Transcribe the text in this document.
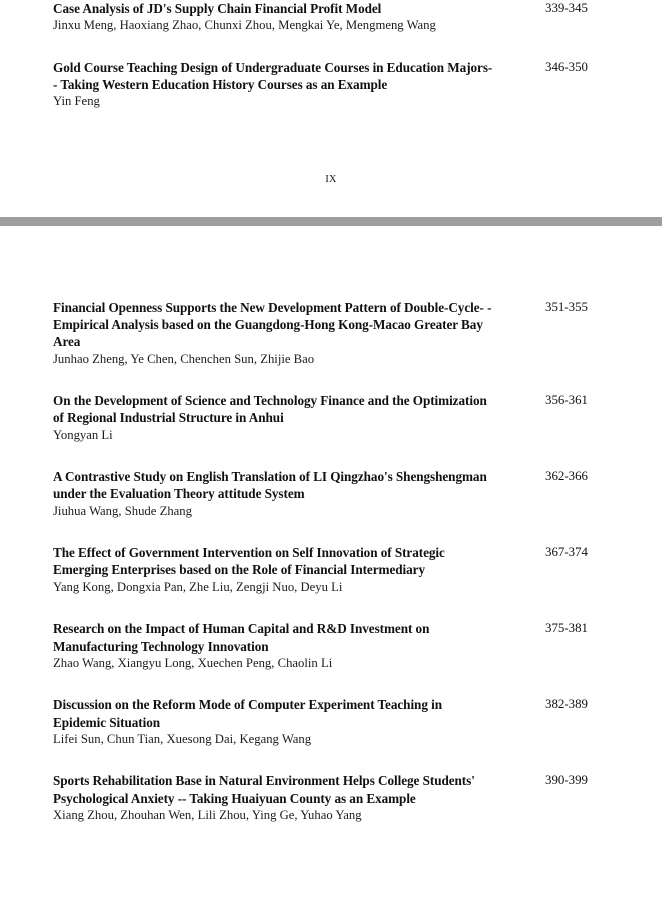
Case Analysis of JD's Supply Chain Financial Profit Model
Jinxu Meng, Haoxiang Zhao, Chunxi Zhou, Mengkai Ye, Mengmeng Wang
339-345
Gold Course Teaching Design of Undergraduate Courses in Education Majors-- Taking Western Education History Courses as an Example
Yin Feng
346-350
IX
Financial Openness Supports the New Development Pattern of Double-Cycle- - Empirical Analysis based on the Guangdong-Hong Kong-Macao Greater Bay Area
Junhao Zheng, Ye Chen, Chenchen Sun, Zhijie Bao
351-355
On the Development of Science and Technology Finance and the Optimization of Regional Industrial Structure in Anhui
Yongyan Li
356-361
A Contrastive Study on English Translation of LI Qingzhao's Shengshengman under the Evaluation Theory attitude System
Jiuhua Wang, Shude Zhang
362-366
The Effect of Government Intervention on Self Innovation of Strategic Emerging Enterprises based on the Role of Financial Intermediary
Yang Kong, Dongxia Pan, Zhe Liu, Zengji Nuo, Deyu Li
367-374
Research on the Impact of Human Capital and R&D Investment on Manufacturing Technology Innovation
Zhao Wang, Xiangyu Long, Xuechen Peng, Chaolin Li
375-381
Discussion on the Reform Mode of Computer Experiment Teaching in Epidemic Situation
Lifei Sun, Chun Tian, Xuesong Dai, Kegang Wang
382-389
Sports Rehabilitation Base in Natural Environment Helps College Students' Psychological Anxiety -- Taking Huaiyuan County as an Example
Xiang Zhou, Zhouhan Wen, Lili Zhou, Ying Ge, Yuhao Yang
390-399
